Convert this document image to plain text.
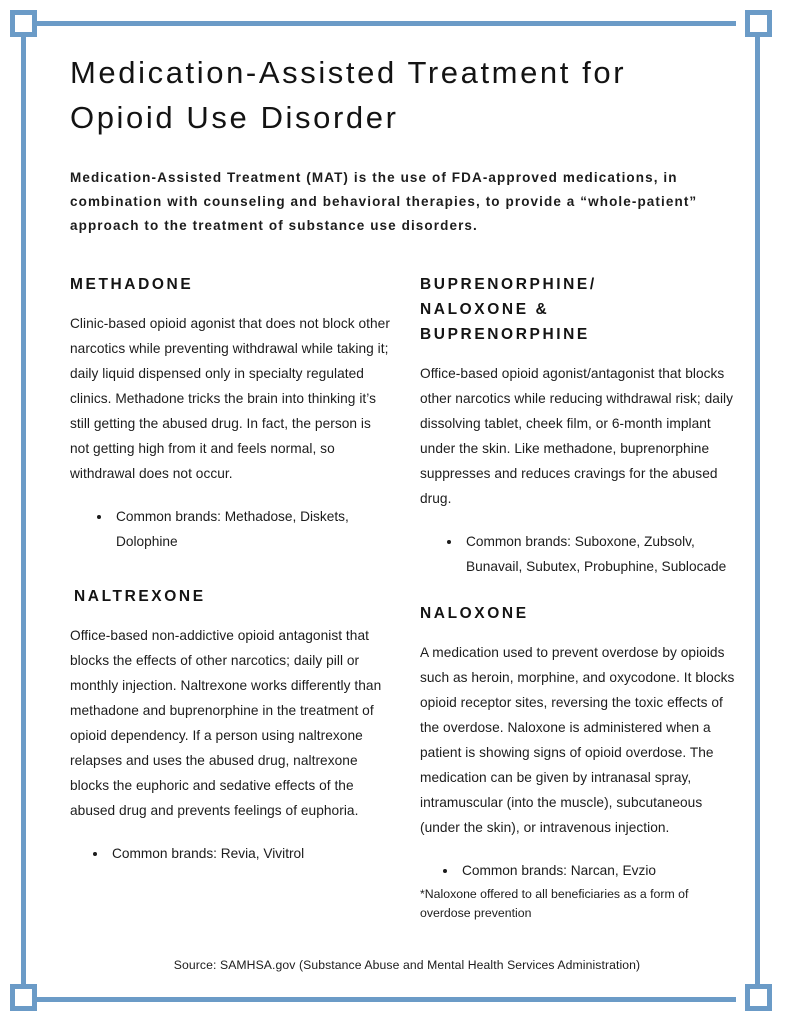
Medication-Assisted Treatment for Opioid Use Disorder

Medication-Assisted Treatment (MAT) is the use of FDA-approved medications, in combination with counseling and behavioral therapies, to provide a “whole-patient” approach to the treatment of substance use disorders.

METHADONE

Clinic-based opioid agonist that does not block other narcotics while preventing withdrawal while taking it; daily liquid dispensed only in specialty regulated clinics. Methadone tricks the brain into thinking it’s still getting the abused drug. In fact, the person is not getting high from it and feels normal, so withdrawal does not occur.

• Common brands: Methadose, Diskets, Dolophine
NALTREXONE

Office-based non-addictive opioid antagonist that blocks the effects of other narcotics; daily pill or monthly injection. Naltrexone works differently than methadone and buprenorphine in the treatment of opioid dependency. If a person using naltrexone relapses and uses the abused drug, naltrexone blocks the euphoric and sedative effects of the abused drug and prevents feelings of euphoria.

• Common brands: Revia, Vivitrol
BUPRENORPHINE/
NALOXONE &
BUPRENORPHINE

Office-based opioid agonist/antagonist that blocks other narcotics while reducing withdrawal risk; daily dissolving tablet, cheek film, or 6-month implant under the skin. Like methadone, buprenorphine suppresses and reduces cravings for the abused drug.

• Common brands: Suboxone, Zubsolv, Bunavail, Subutex, Probuphine, Sublocade
NALOXONE

A medication used to prevent overdose by opioids such as heroin, morphine, and oxycodone. It blocks opioid receptor sites, reversing the toxic effects of the overdose. Naloxone is administered when a patient is showing signs of opioid overdose. The medication can be given by intranasal spray, intramuscular (into the muscle), subcutaneous (under the skin), or intravenous injection.

• Common brands: Narcan, Evzio

*Naloxone offered to all beneficiaries as a form of overdose prevention

Source: SAMHSA.gov (Substance Abuse and Mental Health Services Administration)
